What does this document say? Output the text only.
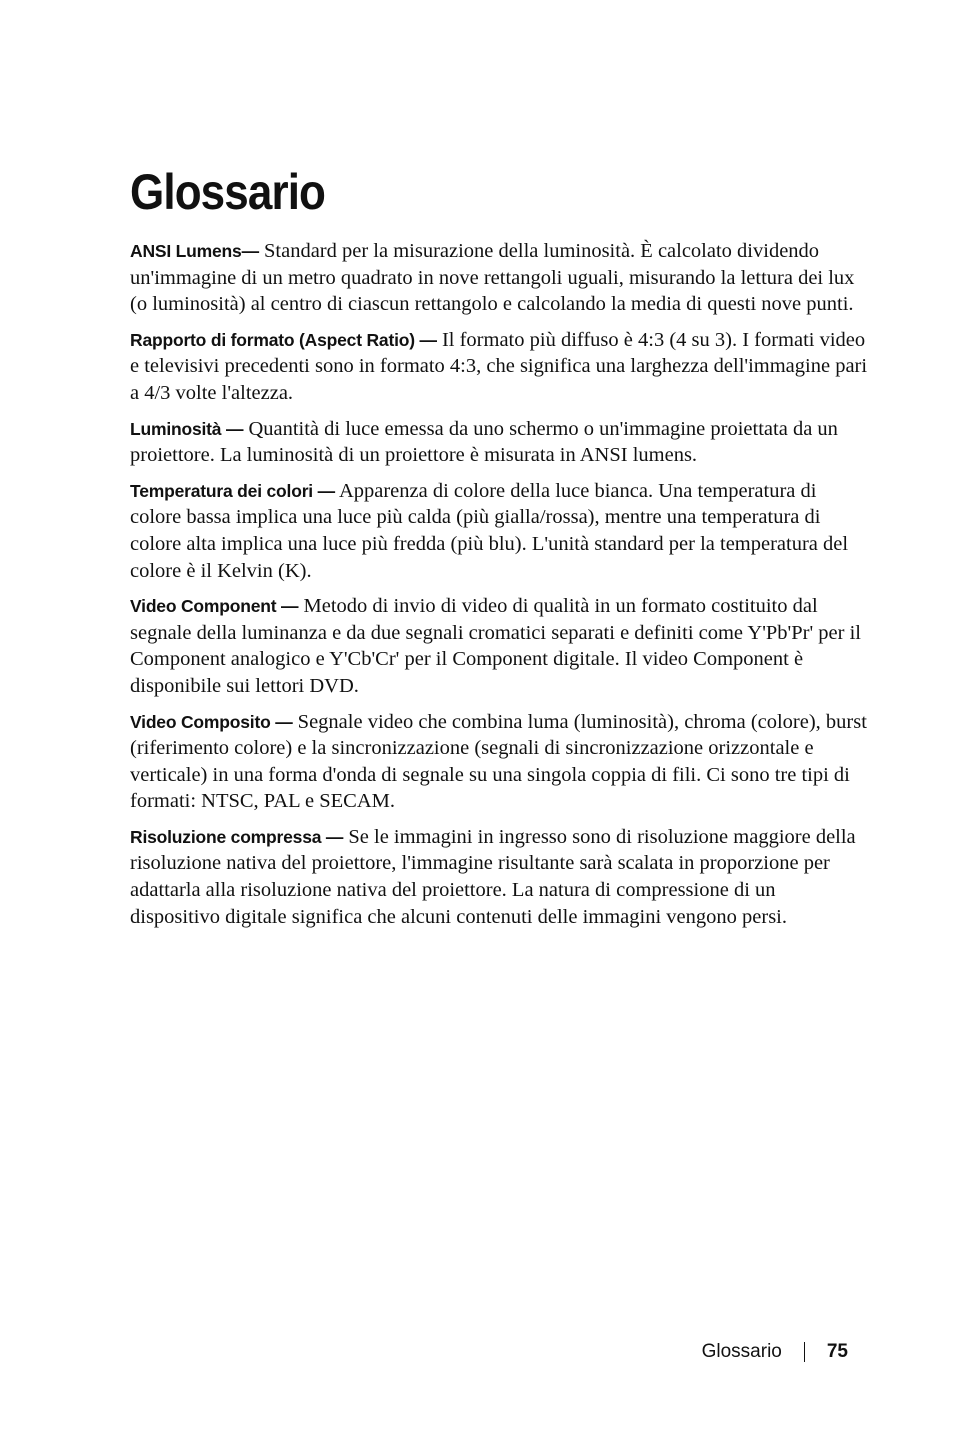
Glossario

ANSI Lumens— Standard per la misurazione della luminosità. È calcolato dividendo un'immagine di un metro quadrato in nove rettangoli uguali, misurando la lettura dei lux (o luminosità) al centro di ciascun rettangolo e calcolando la media di questi nove punti.

Rapporto di formato (Aspect Ratio) — Il formato più diffuso è 4:3 (4 su 3). I formati video e televisivi precedenti sono in formato 4:3, che significa una larghezza dell'immagine pari a 4/3 volte l'altezza.

Luminosità — Quantità di luce emessa da uno schermo o un'immagine proiettata da un proiettore. La luminosità di un proiettore è misurata in ANSI lumens.

Temperatura dei colori — Apparenza di colore della luce bianca. Una temperatura di colore bassa implica una luce più calda (più gialla/rossa), mentre una temperatura di colore alta implica una luce più fredda (più blu). L'unità standard per la temperatura del colore è il Kelvin (K).

Video Component — Metodo di invio di video di qualità in un formato costituito dal segnale della luminanza e da due segnali cromatici separati e definiti come Y'Pb'Pr' per il Component analogico e Y'Cb'Cr' per il Component digitale. Il video Component è disponibile sui lettori DVD.

Video Composito — Segnale video che combina luma (luminosità), chroma (colore), burst (riferimento colore) e la sincronizzazione (segnali di sincronizzazione orizzontale e verticale) in una forma d'onda di segnale su una singola coppia di fili. Ci sono tre tipi di formati: NTSC, PAL e SECAM.

Risoluzione compressa — Se le immagini in ingresso sono di risoluzione maggiore della risoluzione nativa del proiettore, l'immagine risultante sarà scalata in proporzione per adattarla alla risoluzione nativa del proiettore. La natura di compressione di un dispositivo digitale significa che alcuni contenuti delle immagini vengono persi.

Glossario 75
